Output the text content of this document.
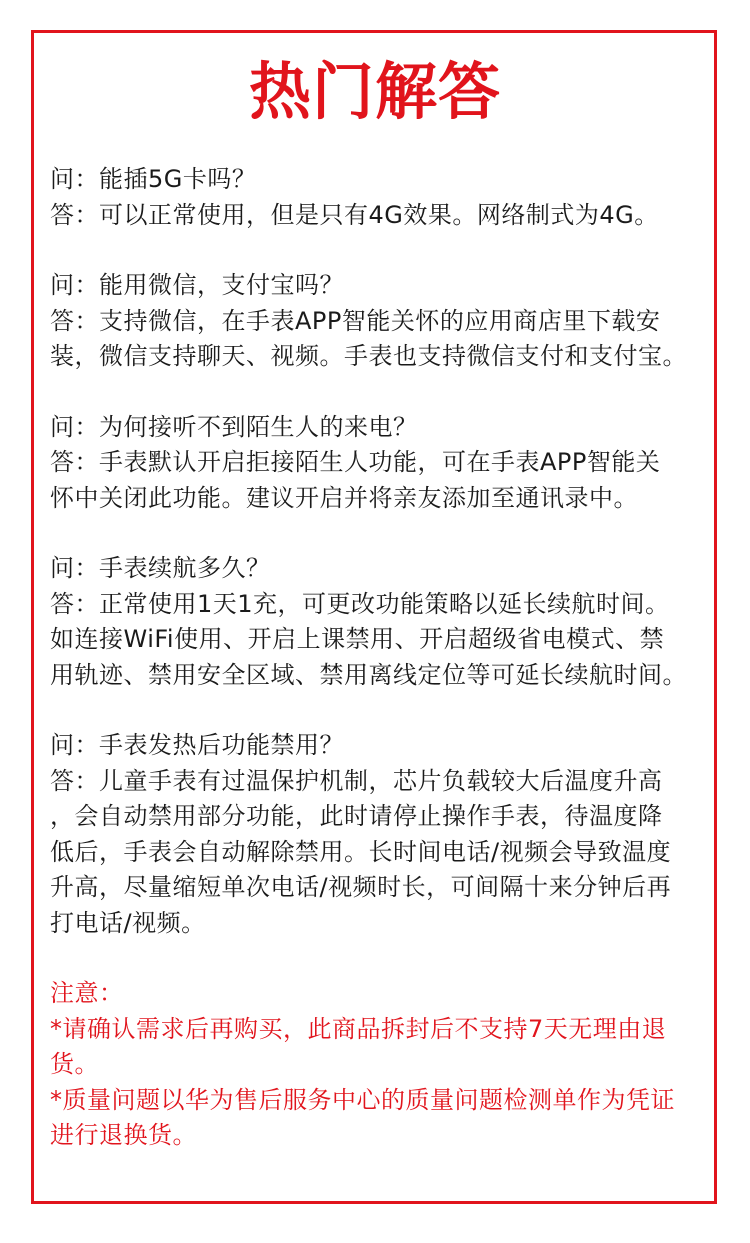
热门解答
问：能插5G卡吗？
答：可以正常使用，但是只有4G效果。网络制式为4G。
问：能用微信，支付宝吗？
答：支持微信，在手表APP智能关怀的应用商店里下载安
装，微信支持聊天、视频。手表也支持微信支付和支付宝。
问：为何接听不到陌生人的来电？
答：手表默认开启拒接陌生人功能，可在手表APP智能关
怀中关闭此功能。建议开启并将亲友添加至通讯录中。
问：手表续航多久？
答：正常使用1天1充，可更改功能策略以延长续航时间。
如连接WiFi使用、开启上课禁用、开启超级省电模式、禁
用轨迹、禁用安全区域、禁用离线定位等可延长续航时间。
问：手表发热后功能禁用？
答：儿童手表有过温保护机制，芯片负载较大后温度升高
，会自动禁用部分功能，此时请停止操作手表，待温度降
低后，手表会自动解除禁用。长时间电话/视频会导致温度
升高，尽量缩短单次电话/视频时长，可间隔十来分钟后再
打电话/视频。
注意：
*请确认需求后再购买，此商品拆封后不支持7天无理由退
货。
*质量问题以华为售后服务中心的质量问题检测单作为凭证
进行退换货。
